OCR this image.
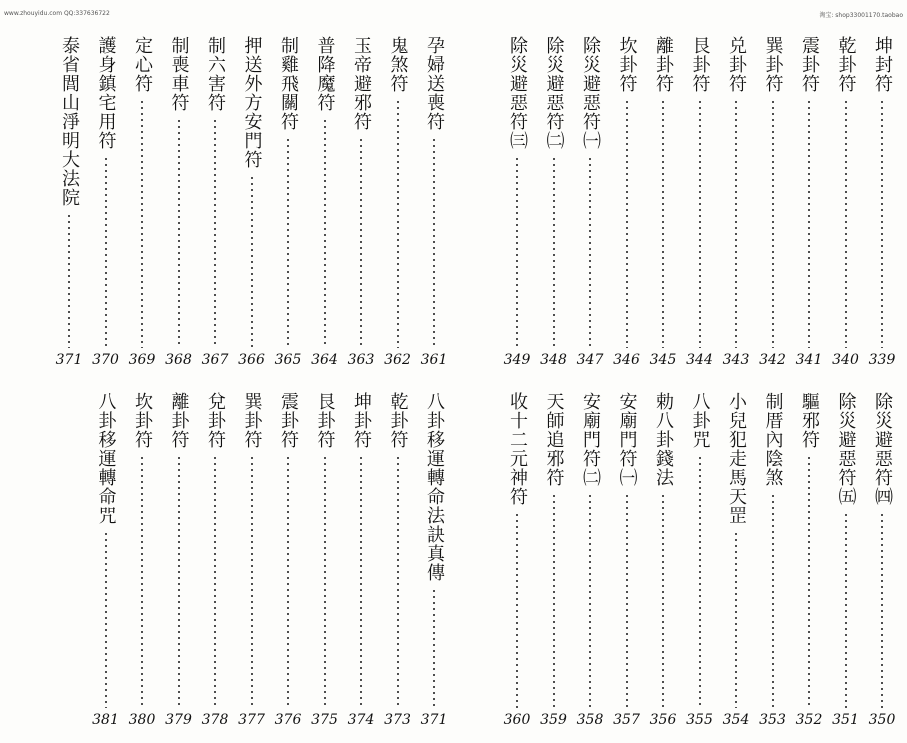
www.zhouyidu.com QQ:337636722	淘宝: shop33001170.taobao
孕婦送喪符
361
鬼煞符
362
玉帝避邪符
363
普降魔符
364
制雞飛關符
365
押送外方安門符
366
制六害符
367
制喪車符
368
定心符
369
護身鎮宅用符
370
泰省閭山淨明大法院
371
八卦移運轉命法訣真傳
371
乾卦符
373
坤卦符
374
艮卦符
375
震卦符
376
巽卦符
377
兌卦符
378
離卦符
379
坎卦符
380
八卦移運轉命咒
381
坤封符
339
乾卦符
340
震卦符
341
巽卦符
342
兑卦符
343
艮卦符
344
離卦符
345
坎卦符
346
除災避惡符㈠
347
除災避惡符㈡
348
除災避惡符㈢
349
除災避惡符㈣
350
除災避惡符㈤
351
驅邪符
352
制厝內陰煞
353
小兒犯走馬天罡
354
八卦咒
355
勅八卦錢法
356
安廟門符㈠
357
安廟門符㈡
358
天師追邪符
359
收十二元神符
360
